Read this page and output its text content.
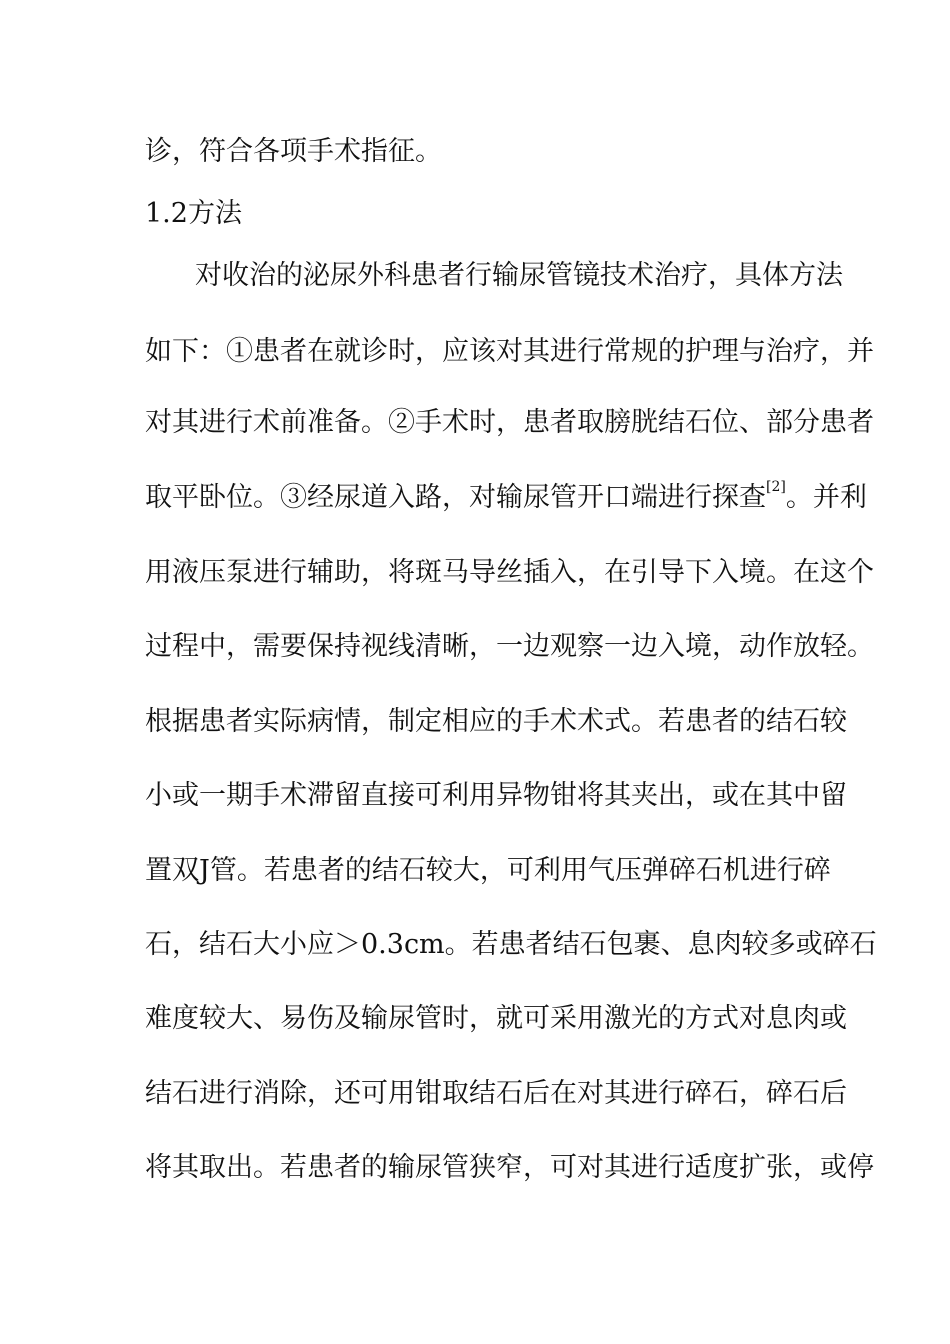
诊，符合各项手术指征。
1.2方法
对收治的泌尿外科患者行输尿管镜技术治疗，具体方法
如下：①患者在就诊时，应该对其进行常规的护理与治疗，并
对其进行术前准备。②手术时，患者取膀胱结石位、部分患者
取平卧位。③经尿道入路，对输尿管开口端进行探查[2]。并利
用液压泵进行辅助，将斑马导丝插入，在引导下入境。在这个
过程中，需要保持视线清晰，一边观察一边入境，动作放轻。
根据患者实际病情，制定相应的手术术式。若患者的结石较
小或一期手术滞留直接可利用异物钳将其夹出，或在其中留
置双J管。若患者的结石较大，可利用气压弹碎石机进行碎
石，结石大小应＞0.3cm。若患者结石包裹、息肉较多或碎石
难度较大、易伤及输尿管时，就可采用激光的方式对息肉或
结石进行消除，还可用钳取结石后在对其进行碎石，碎石后
将其取出。若患者的输尿管狭窄，可对其进行适度扩张，或停
